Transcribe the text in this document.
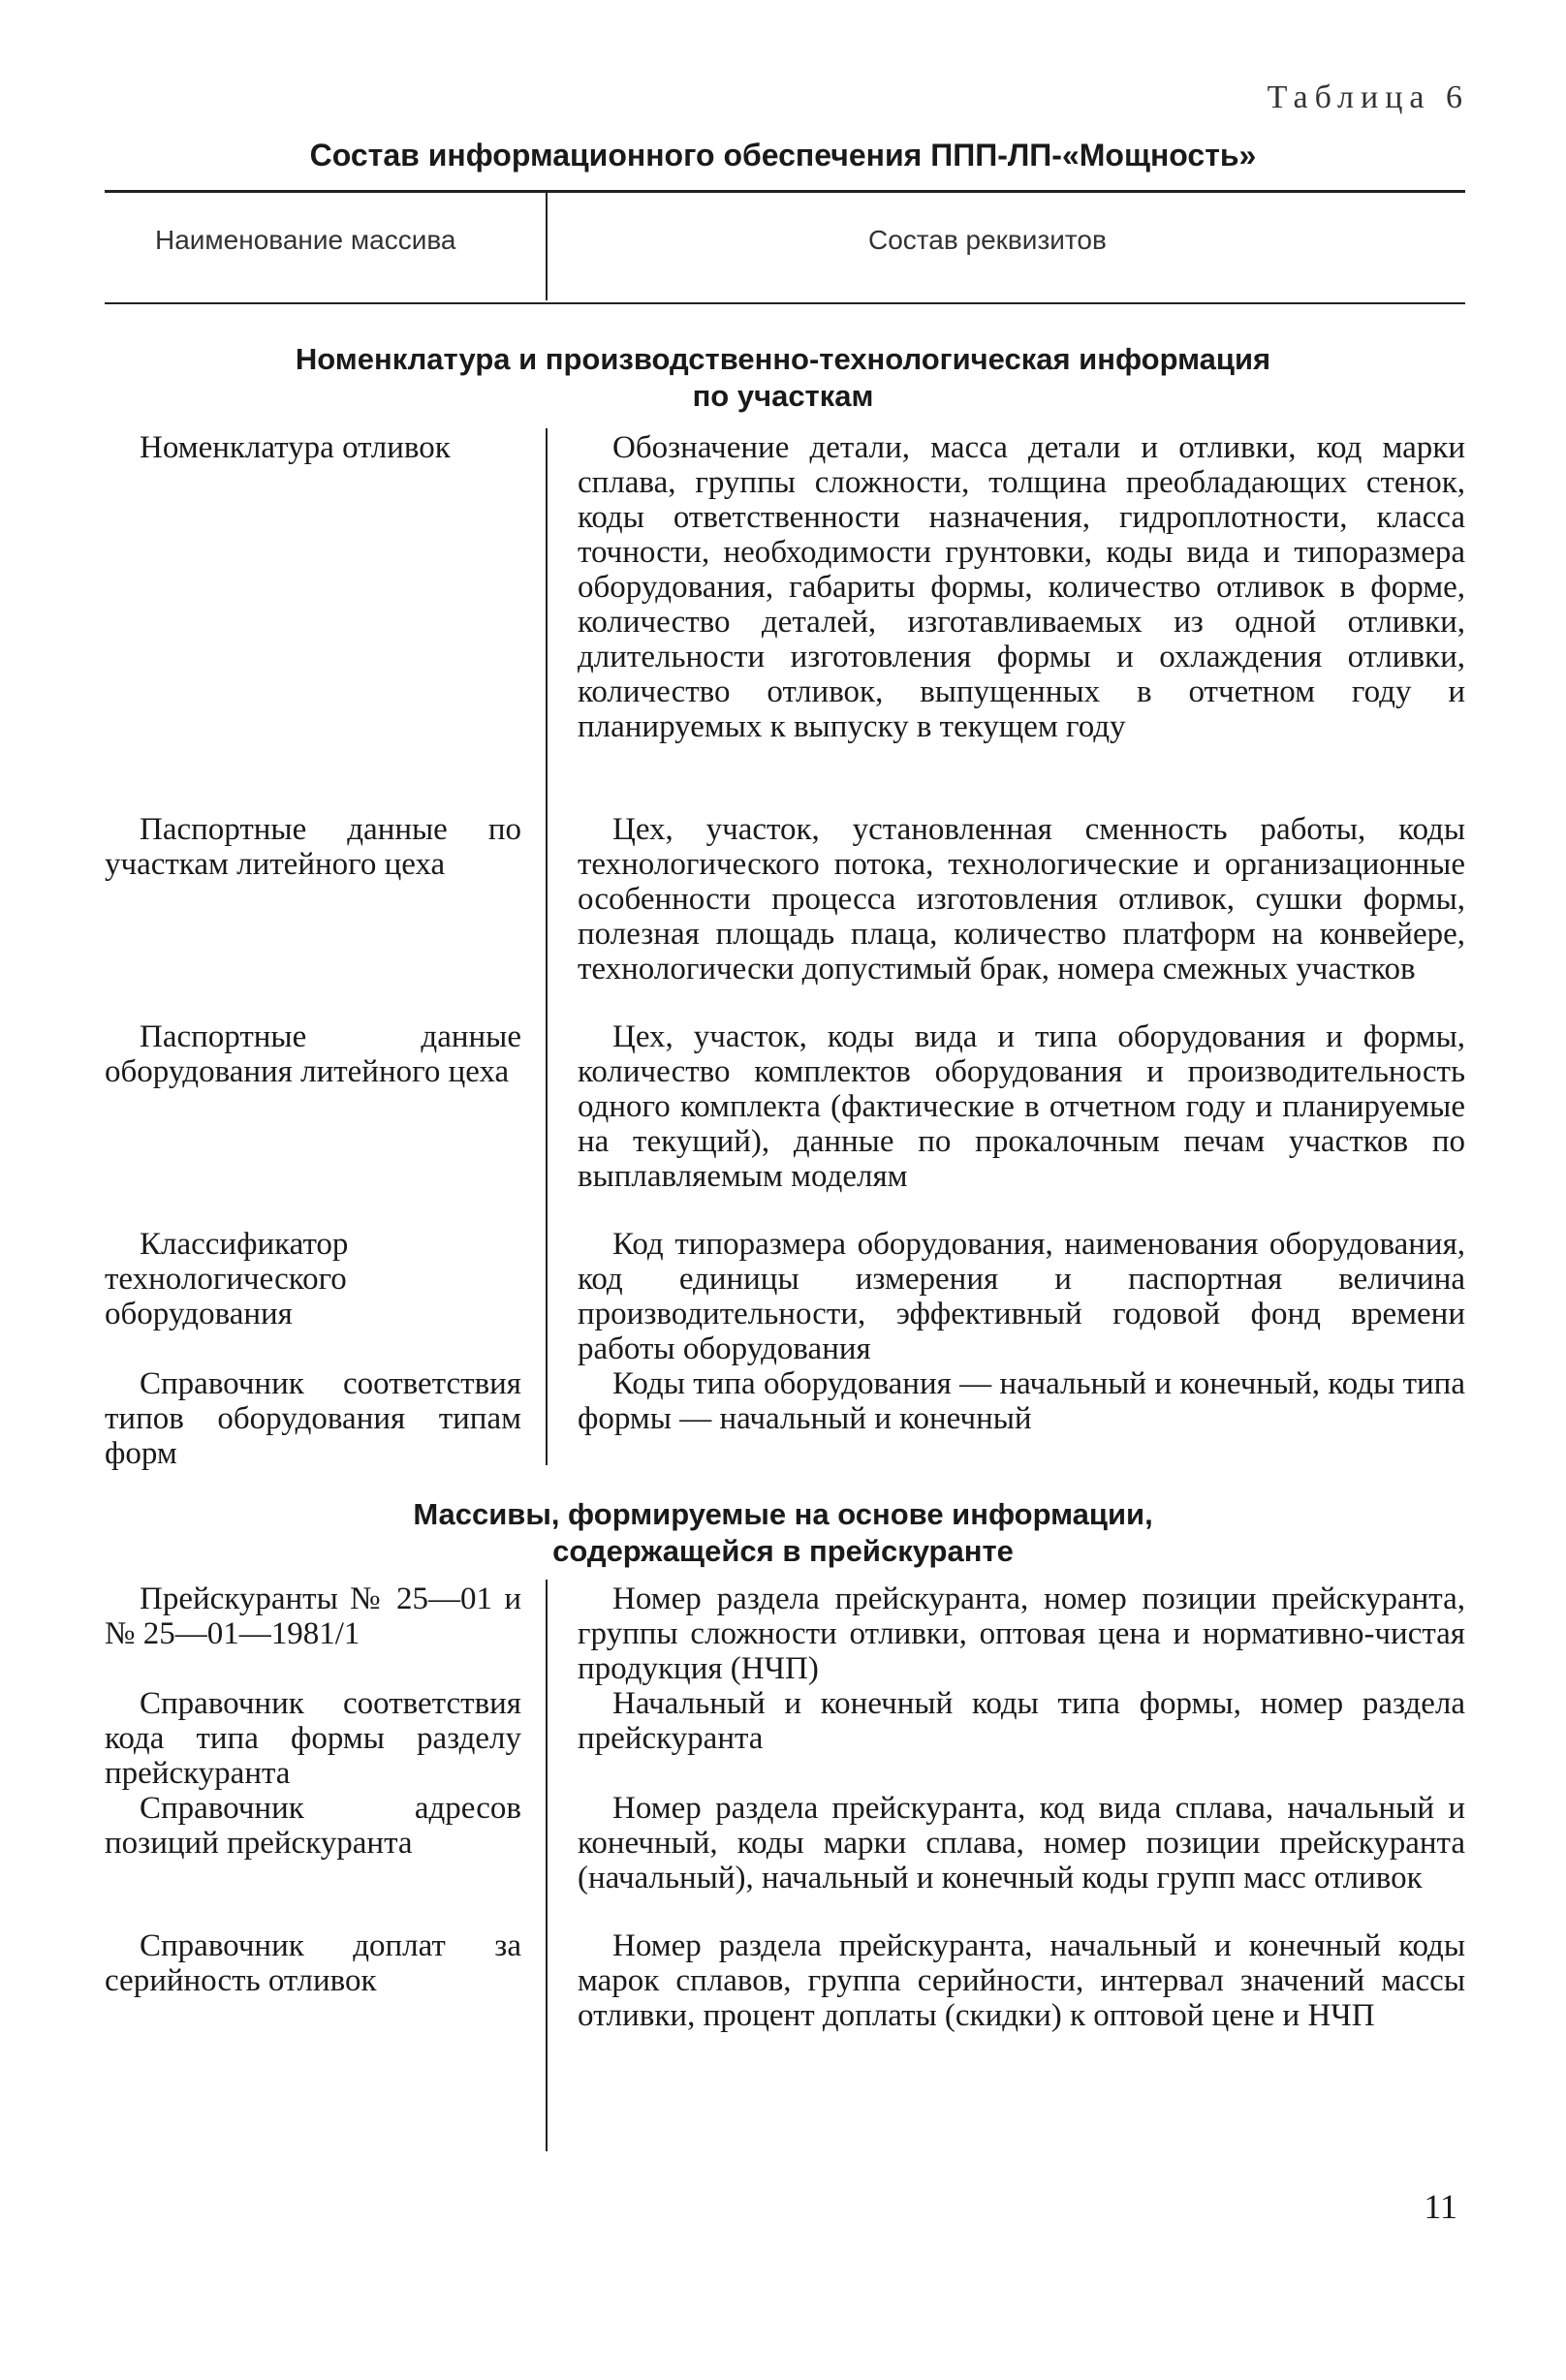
Таблица 6
Состав информационного обеспечения ППП-ЛП-«Мощность»
Наименование массива	Состав реквизитов
Номенклатура и производственно-технологическая информация
по участкам
Номенклатура отливок	Обозначение детали, масса детали и отливки, код марки сплава, группы сложности, толщина преобладающих стенок, коды ответственности назначения, гидроплотности, класса точности, необходимости грунтовки, коды вида и типоразмера оборудования, габариты формы, количество отливок в форме, количество деталей, изготавливаемых из одной отливки, длительности изготовления формы и охлаждения отливки, количество отливок, выпущенных в отчетном году и планируемых к выпуску в текущем году
Паспортные данные по участкам литейного цеха
Цех, участок, установленная сменность работы, коды технологического потока, технологические и организационные особенности процесса изготовления отливок, сушки формы, полезная площадь плаца, количество платформ на конвейере, технологически допустимый брак, номера смежных участков
Паспортные данные оборудования литейного цеха
Цех, участок, коды вида и типа оборудования и формы, количество комплектов оборудования и производительность одного комплекта (фактические в отчетном году и планируемые на текущий), данные по прокалочным печам участков по выплавляемым моделям
Классификатор технологического оборудования
Код типоразмера оборудования, наименования оборудования, код единицы измерения и паспортная величина производительности, эффективный годовой фонд времени работы оборудования
Справочник соответствия типов оборудования типам форм
Коды типа оборудования — начальный и конечный, коды типа формы — начальный и конечный
Массивы, формируемые на основе информации,
содержащейся в прейскуранте
Прейскуранты № 25—01 и № 25—01—1981/1
Номер раздела прейскуранта, номер позиции прейскуранта, группы сложности отливки, оптовая цена и нормативно-чистая продукция (НЧП)
Справочник соответствия кода типа формы разделу прейскуранта
Начальный и конечный коды типа формы, номер раздела прейскуранта
Справочник адресов позиций прейскуранта
Номер раздела прейскуранта, код вида сплава, начальный и конечный, коды марки сплава, номер позиции прейскуранта (начальный), начальный и конечный коды групп масс отливок
Справочник доплат за серийность отливок
Номер раздела прейскуранта, начальный и конечный коды марок сплавов, группа серийности, интервал значений массы отливки, процент доплаты (скидки) к оптовой цене и НЧП
11
